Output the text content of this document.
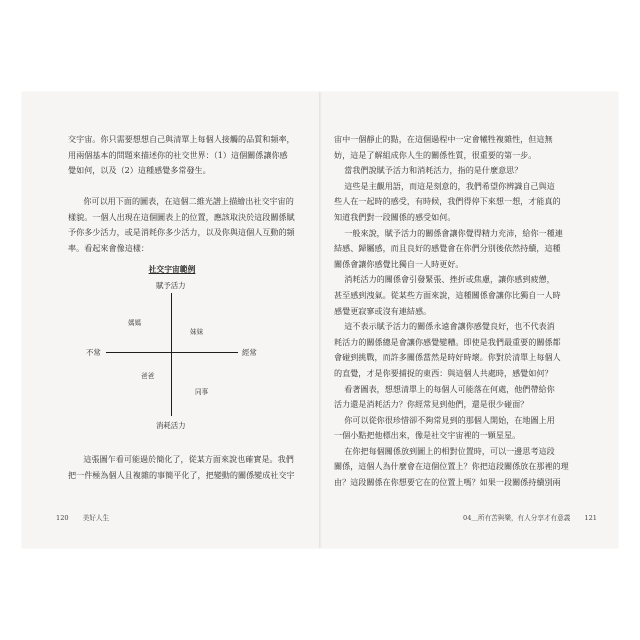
交宇宙。你只需要想想自己與清單上每個人接觸的品質和頻率，

用兩個基本的問題來描述你的社交世界：（1）這個關係讓你感

覺如何，以及（2）這種感覺多常發生。

你可以用下面的圖表，在這個二維光譜上描繪出社交宇宙的

樣貌。一個人出現在這個圖表上的位置，應該取決於這段關係賦

予你多少活力，或是消耗你多少活力，以及你與這個人互動的頻

率。看起來會像這樣：

社交宇宙範例
賦予活力
不常	經常
消耗活力
媽媽
妹妹
爸爸
同事

這張圖乍看可能過於簡化了，從某方面來說也確實是。我們

把一件極為個人且複雜的事簡平化了，把變動的關係變成社交宇

120 美好人生

宙中一個靜止的點，在這個過程中一定會犧牲複雜性，但這無

妨，這是了解組成你人生的關係性質，很重要的第一步。

當我們說賦予活力和消耗活力，指的是什麼意思？

這些是主觀用語，而這是刻意的，我們希望你辨識自己與這

些人在一起時的感受，有時候，我們得停下來想一想，才能真的

知道我們對一段關係的感受如何。

一般來說，賦予活力的關係會讓你覺得精力充沛，給你一種連

結感、歸屬感，而且良好的感覺會在你們分別後依然持續，這種

關係會讓你感覺比獨自一人時更好。

消耗活力的關係會引發緊張、挫折或焦慮，讓你感到疲憊，

甚至感到洩氣。從某些方面來說，這種關係會讓你比獨自一人時

感覺更寂寥或沒有連結感。

這不表示賦予活力的關係永遠會讓你感覺良好，也不代表消

耗活力的關係總是會讓你感覺變糟。即使是我們最重要的關係都

會碰到挑戰，而許多關係當然是時好時壞。你對於清單上每個人

的直覺，才是你要捕捉的東西：與這個人共處時，感覺如何？

看著圖表，想想清單上的每個人可能落在何處，他們帶給你

活力還是消耗活力？你經常見到他們，還是很少碰面？

你可以從你很珍惜卻不夠常見到的那個人開始，在地圖上用

一個小點把他標出來，像是社交宇宙裡的一顆星星。

在你把每個關係放到圖上的相對位置時，可以一邊思考這段

關係，這個人為什麼會在這個位置上？你把這段關係放在那裡的理

由？這段關係在你想要它在的位置上嗎？如果一段關係持續別兩

04＿所有苦與樂，有人分享才有意義 121
